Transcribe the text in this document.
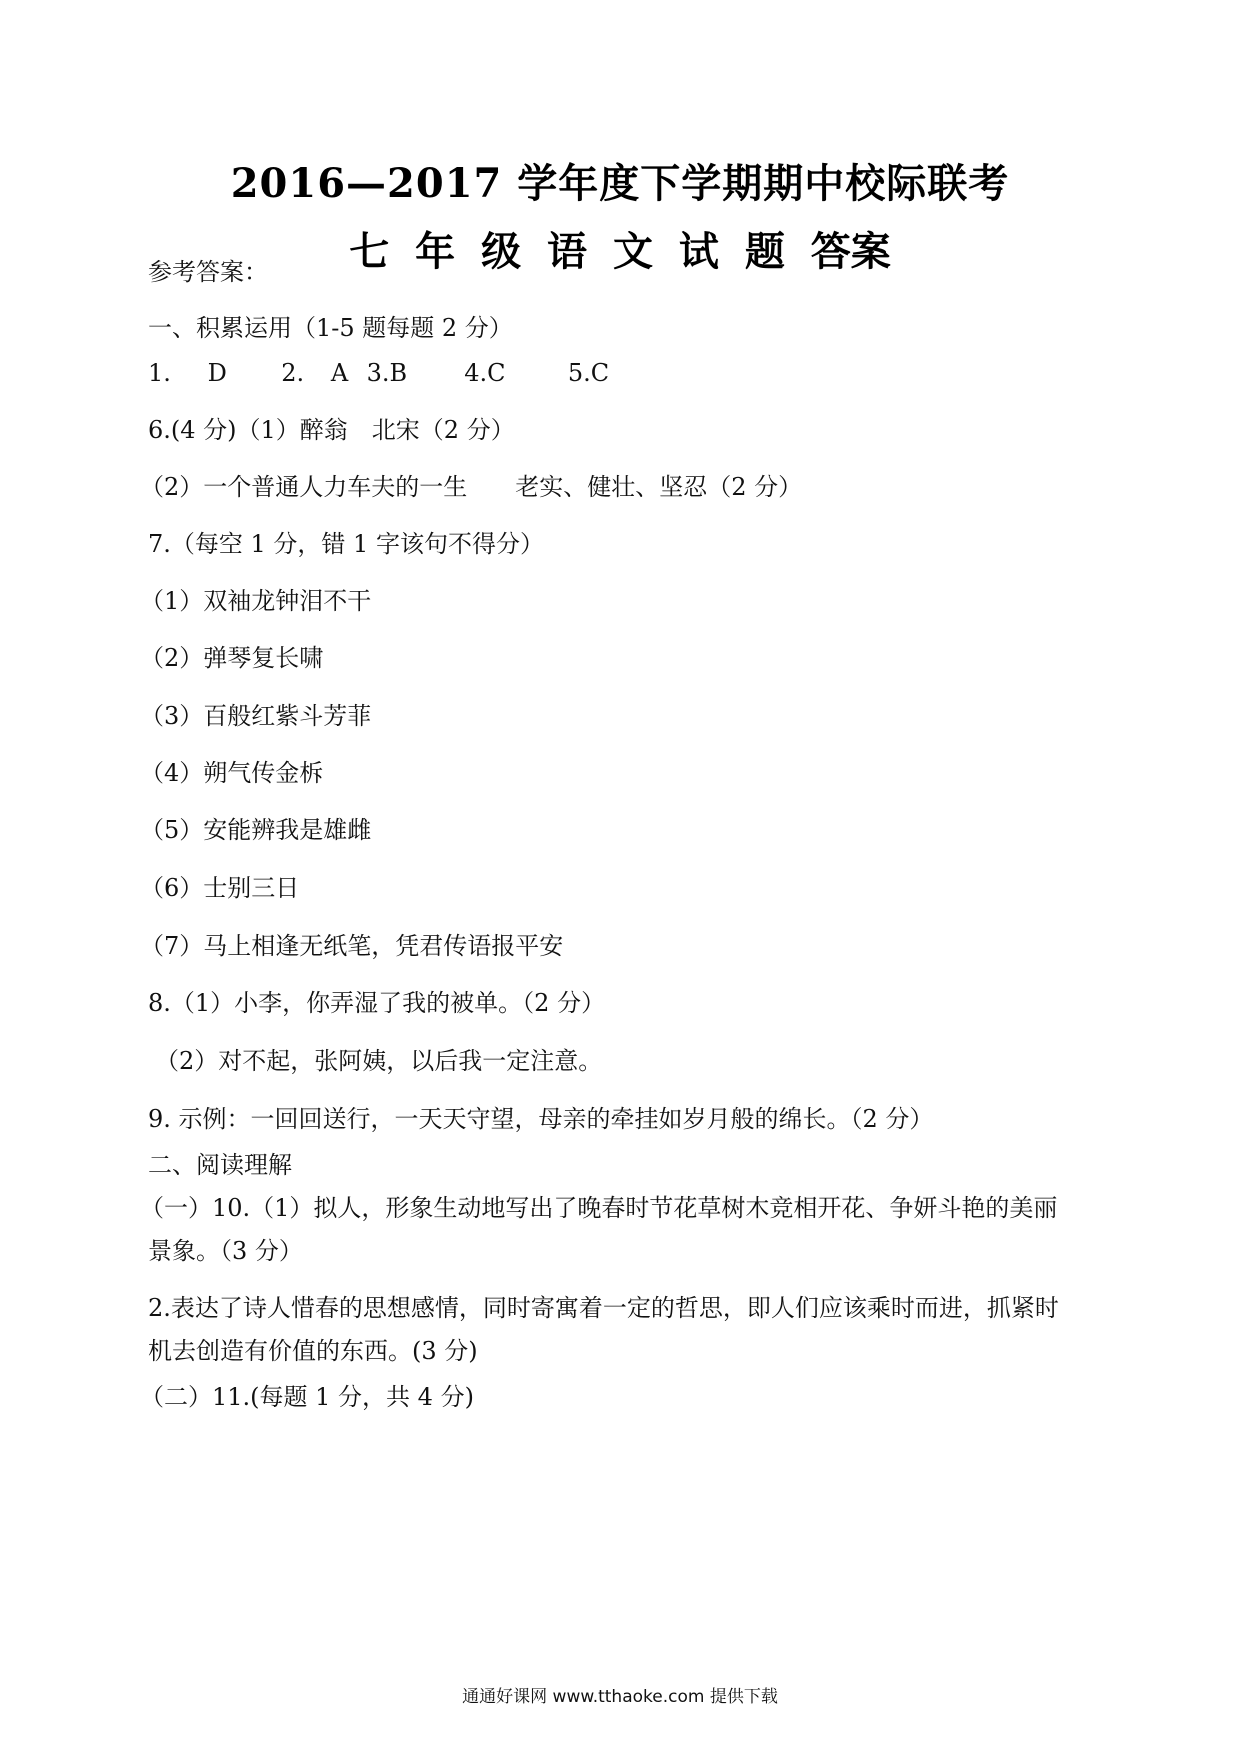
2016—2017 学年度下学期期中校际联考
七 年 级 语 文 试 题 答案
参考答案：
一、积累运用（1-5 题每题 2 分）
1. D 2. A 3.B 4.C	5.C
6.(4 分)（1）醉翁　北宋（2 分）
（2）一个普通人力车夫的一生　　老实、健壮、坚忍（2 分）
7.（每空 1 分，错 1 字该句不得分）
（1）双袖龙钟泪不干
（2）弹琴复长啸
（3）百般红紫斗芳菲
（4）朔气传金柝
（5）安能辨我是雄雌
（6）士别三日
（7）马上相逢无纸笔，凭君传语报平安
8.（1）小李，你弄湿了我的被单。（2 分）
（2）对不起，张阿姨，以后我一定注意。
9. 示例：一回回送行，一天天守望，母亲的牵挂如岁月般的绵长。（2 分）
二、阅读理解
（一）10.（1）拟人，形象生动地写出了晚春时节花草树木竞相开花、争妍斗艳的美丽
景象。（3 分）
2.表达了诗人惜春的思想感情，同时寄寓着一定的哲思，即人们应该乘时而进，抓紧时
机去创造有价值的东西。(3 分)
（二）11.(每题 1 分，共 4 分)
通通好课网 www.tthaoke.com 提供下载
